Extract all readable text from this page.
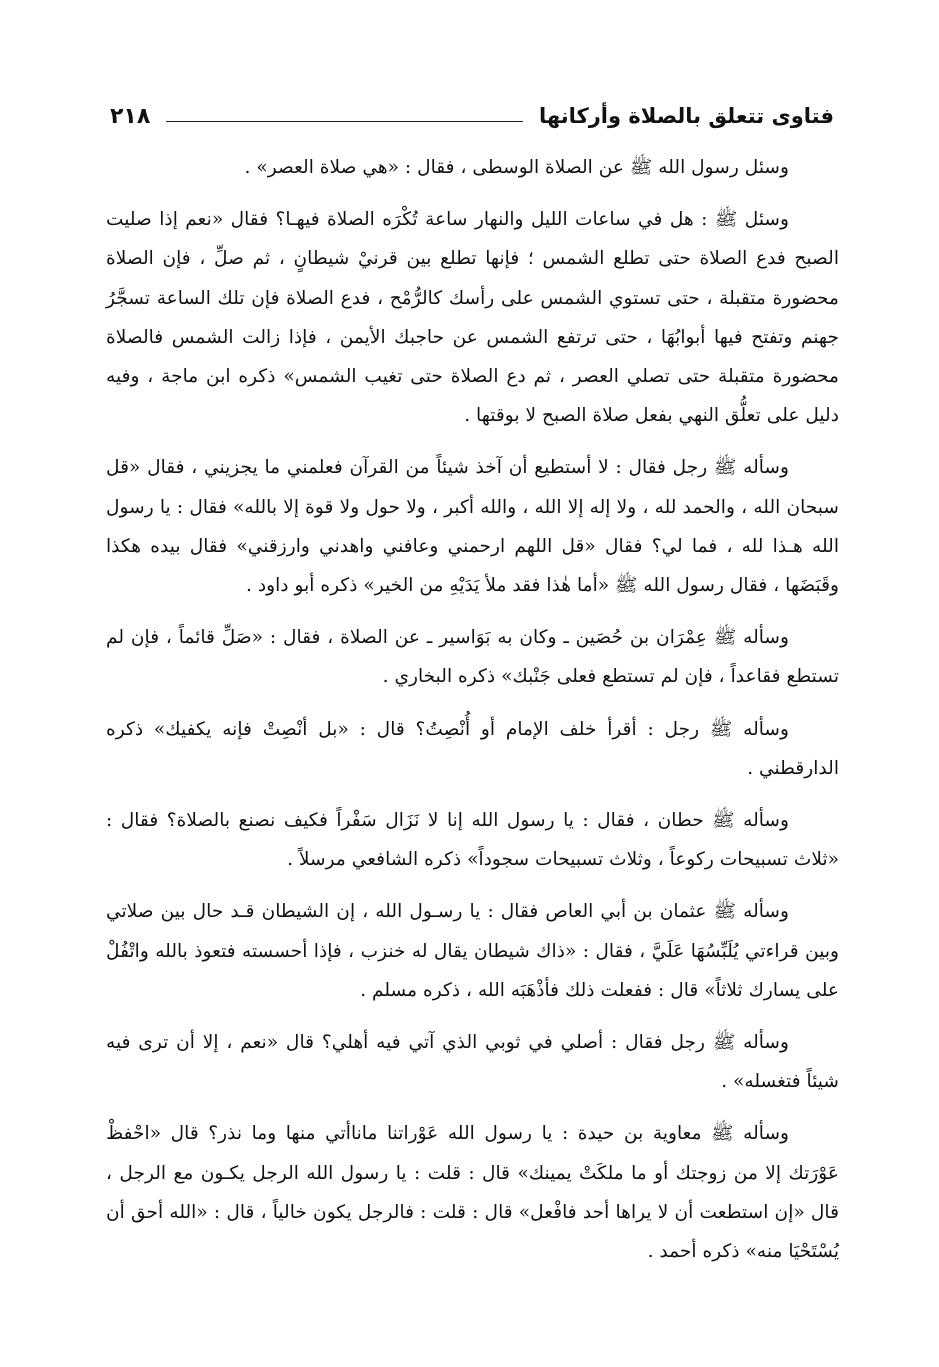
فتاوى تتعلق بالصلاة وأركانها
٢١٨

وسئل رسول الله ﷺ عن الصلاة الوسطى ، فقال : «هي صلاة العصر» .

وسئل ﷺ : هل في ساعات الليل والنهار ساعة تُكْرَه الصلاة فيهـا؟ فقال «نعم إذا صليت الصبح فدع الصلاة حتى تطلع الشمس ؛ فإنها تطلع بين قرنيْ شيطانٍ ، ثم صلِّ ، فإن الصلاة محضورة متقبلة ، حتى تستوي الشمس على رأسك كالرُّمْح ، فدع الصلاة فإن تلك الساعة تسجَّرُ جهنم وتفتح فيها أبوابُهَا ، حتى ترتفع الشمس عن حاجبك الأيمن ، فإذا زالت الشمس فالصلاة محضورة متقبلة حتى تصلي العصر ، ثم دع الصلاة حتى تغيب الشمس» ذكره ابن ماجة ، وفيه دليل على تعلُّق النهي بفعل صلاة الصبح لا بوقتها .

وسأله ﷺ رجل فقال : لا أستطيع أن آخذ شيئاً من القرآن فعلمني ما يجزيني ، فقال «قل سبحان الله ، والحمد لله ، ولا إله إلا الله ، والله أكبر ، ولا حول ولا قوة إلا بالله» فقال : يا رسول الله هـذا لله ، فما لي؟ فقال «قل اللهم ارحمني وعافني واهدني وارزقني» فقال بيده هكذا وقَبَضَها ، فقال رسول الله ﷺ «أما هٰذا فقد ملأ يَدَيْهِ من الخير» ذكره أبو داود .

وسأله ﷺ عِمْرَان بن حُصَين ـ وكان به بَوَاسير ـ عن الصلاة ، فقال : «صَلِّ قائماً ، فإن لم تستطع فقاعداً ، فإن لم تستطع فعلى جَنْبك» ذكره البخاري .

وسأله ﷺ رجل : أقرأ خلف الإمام أو أُنْصِتُ؟ قال : «بل أنْصِتْ فإنه يكفيك» ذكره الدارقطني .

وسأله ﷺ حطان ، فقال : يا رسول الله إنا لا نَزَال سَفْراً فكيف نصنع بالصلاة؟ فقال : «ثلاث تسبيحات ركوعاً ، وثلاث تسبيحات سجوداً» ذكره الشافعي مرسلاً .

وسأله ﷺ عثمان بن أبي العاص فقال : يا رسـول الله ، إن الشيطان قـد حال بين صلاتي وبين قراءتي يُلَبِّسُهَا عَلَيَّ ، فقال : «ذاك شيطان يقال له خنزب ، فإذا أحسسته فتعوذ بالله واتْفُلْ على يسارك ثلاثاً» قال : ففعلت ذلك فأذْهَبَه الله ، ذكره مسلم .

وسأله ﷺ رجل فقال : أصلي في ثوبي الذي آتي فيه أهلي؟ قال «نعم ، إلا أن ترى فيه شيئاً فتغسله» .

وسأله ﷺ معاوية بن حيدة : يا رسول الله عَوْراتنا ماناأتي منها وما نذر؟ قال «احْفظْ عَوْرَتك إلا من زوجتك أو ما ملكَتْ يمينك» قال : قلت : يا رسول الله الرجل يكـون مع الرجل ، قال «إن استطعت أن لا يراها أحد فافْعل» قال : قلت : فالرجل يكون خالياً ، قال : «الله أحق أن يُسْتَحْيَا منه» ذكره أحمد .
